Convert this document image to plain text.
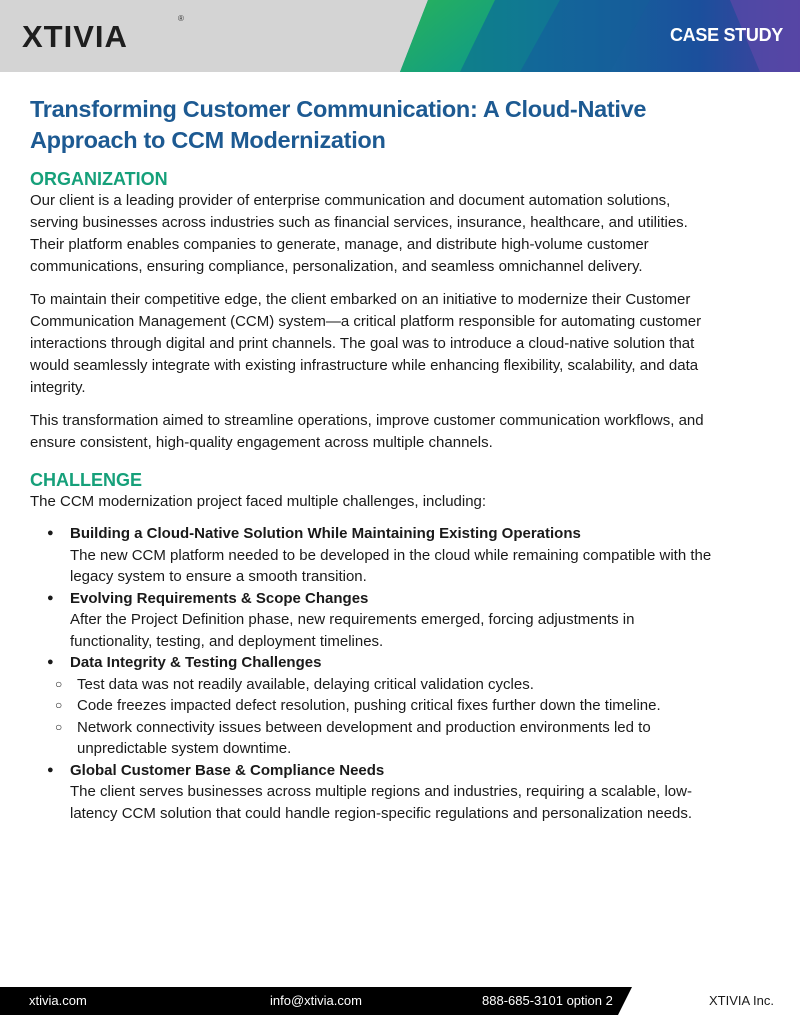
XTIVIA
®
CASE STUDY
Transforming Customer Communication: A Cloud-Native Approach to CCM Modernization
ORGANIZATION

Our client is a leading provider of enterprise communication and document automation solutions, serving businesses across industries such as financial services, insurance, healthcare, and utilities. Their platform enables companies to generate, manage, and distribute high-volume customer communications, ensuring compliance, personalization, and seamless omnichannel delivery.

To maintain their competitive edge, the client embarked on an initiative to modernize their Customer Communication Management (CCM) system—a critical platform responsible for automating customer interactions through digital and print channels. The goal was to introduce a cloud-native solution that would seamlessly integrate with existing infrastructure while enhancing flexibility, scalability, and data integrity.

This transformation aimed to streamline operations, improve customer communication workflows, and ensure consistent, high-quality engagement across multiple channels.

CHALLENGE

The CCM modernization project faced multiple challenges, including:

● Building a Cloud-Native Solution While Maintaining Existing Operations
The new CCM platform needed to be developed in the cloud while remaining compatible with the legacy system to ensure a smooth transition.
● Evolving Requirements & Scope Changes
After the Project Definition phase, new requirements emerged, forcing adjustments in functionality, testing, and deployment timelines.
● Data Integrity & Testing Challenges
○ Test data was not readily available, delaying critical validation cycles.
○ Code freezes impacted defect resolution, pushing critical fixes further down the timeline.
○ Network connectivity issues between development and production environments led to unpredictable system downtime.
● Global Customer Base & Compliance Needs
The client serves businesses across multiple regions and industries, requiring a scalable, low-latency CCM solution that could handle region-specific regulations and personalization needs.
xtivia.com	info@xtivia.com	888-685-3101 option 2	XTIVIA Inc.
